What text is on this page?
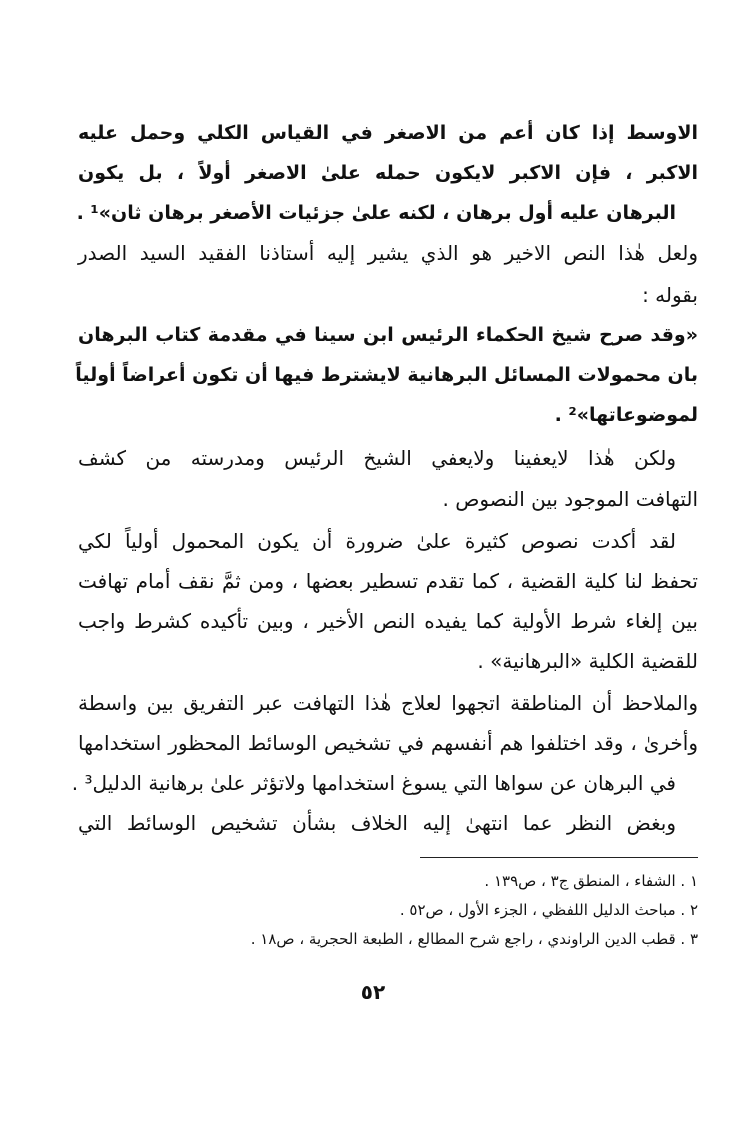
الاوسط إذا كان أعم من الاصغر في القياس الكلي وحمل عليه
الاكبر ، فإن الاكبر لايكون حمله علىٰ الاصغر أولاً ، بل يكون
البرهان عليه أول برهان ، لكنه علىٰ جزئيات الأصغر برهان ثان»¹ .
ولعل هٰذا النص الاخير هو الذي يشير إليه أستاذنا الفقيد السيد الصدر
بقوله :
«وقد صرح شيخ الحكماء الرئيس ابن سينا في مقدمة كتاب البرهان
بان محمولات المسائل البرهانية لايشترط فيها أن تكون أعراضاً أولياً
لموضوعاتها»² .
ولكن هٰذا لايعفينا ولايعفي الشيخ الرئيس ومدرسته من كشف
التهافت الموجود بين النصوص .
لقد أكدت نصوص كثيرة علىٰ ضرورة أن يكون المحمول أولياً لكي
تحفظ لنا كلية القضية ، كما تقدم تسطير بعضها ، ومن ثمَّ نقف أمام تهافت
بين إلغاء شرط الأولية كما يفيده النص الأخير ، وبين تأكيده كشرط واجب
للقضية الكلية «البرهانية» .
والملاحظ أن المناطقة اتجهوا لعلاج هٰذا التهافت عبر التفريق بين واسطة
وأخرىٰ ، وقد اختلفوا هم أنفسهم في تشخيص الوسائط المحظور استخدامها
في البرهان عن سواها التي يسوغ استخدامها ولاتؤثر علىٰ برهانية الدليل³ .
وبغض النظر عما انتهىٰ إليه الخلاف بشأن تشخيص الوسائط التي
١ . الشفاء ، المنطق ج٣ ، ص١٣٩ .
٢ . مباحث الدليل اللفظي ، الجزء الأول ، ص٥٢ .
٣ . قطب الدين الراوندي ، راجع شرح المطالع ، الطبعة الحجرية ، ص١٨ .
٥٢
